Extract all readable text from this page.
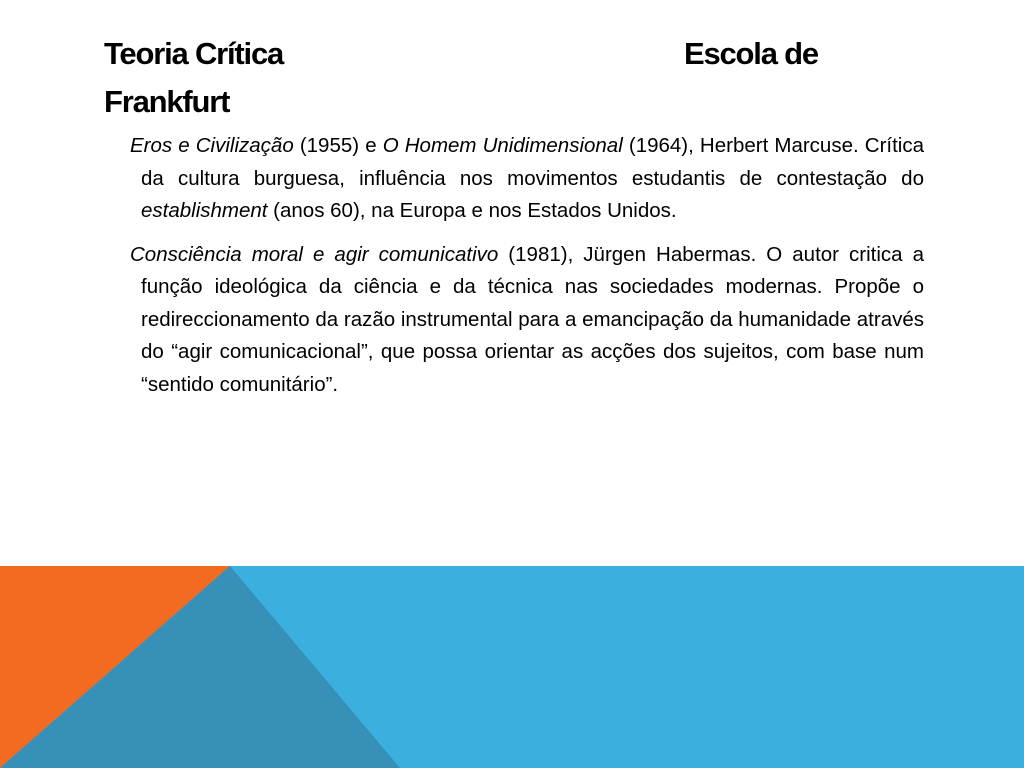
Teoria Crítica	Escola de
Frankfurt

Eros e Civilização (1955) e O Homem Unidimensional (1964), Herbert Marcuse. Crítica da cultura burguesa, influência nos movimentos estudantis de contestação do establishment (anos 60), na Europa e nos Estados Unidos.

Consciência moral e agir comunicativo (1981), Jürgen Habermas. O autor critica a função ideológica da ciência e da técnica nas sociedades modernas. Propõe o redireccionamento da razão instrumental para a emancipação da humanidade através do “agir comunicacional”, que possa orientar as acções dos sujeitos, com base num “sentido comunitário”.
